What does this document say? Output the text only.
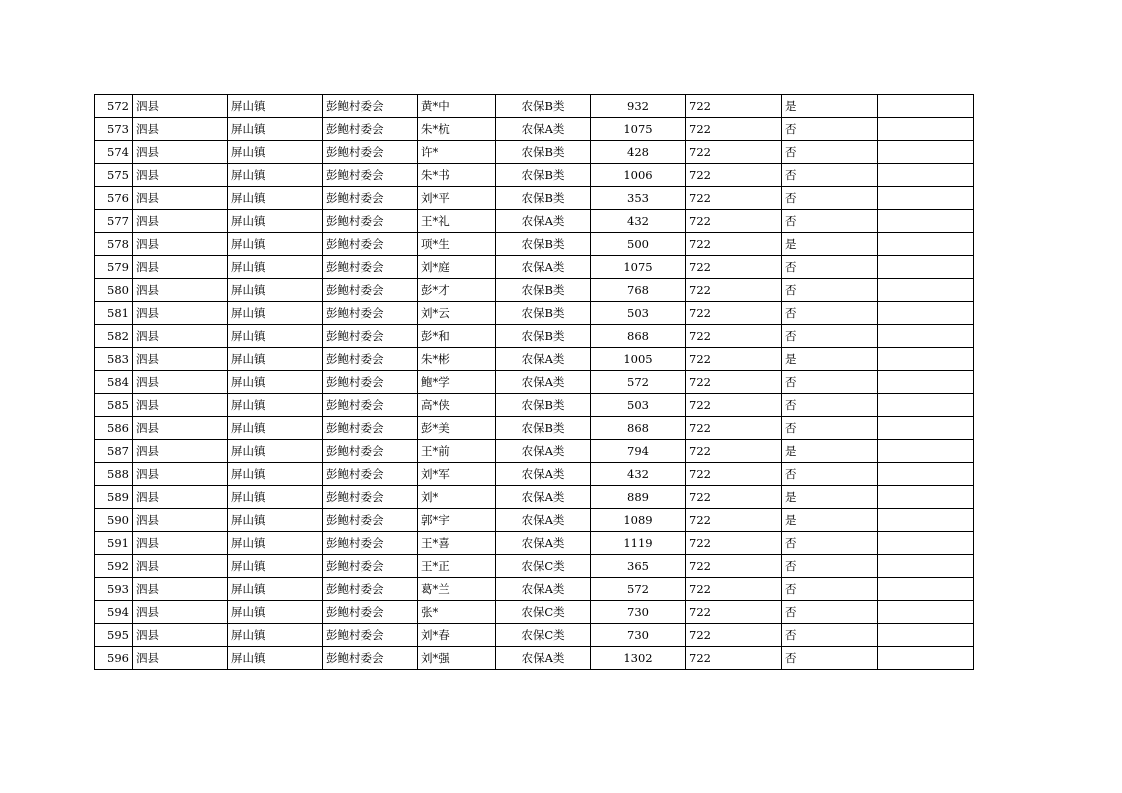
572	泗县	屏山镇	彭鲍村委会	黄*中	农保B类	932	722	是	
573	泗县	屏山镇	彭鲍村委会	朱*杭	农保A类	1075	722	否	
574	泗县	屏山镇	彭鲍村委会	许*	农保B类	428	722	否	
575	泗县	屏山镇	彭鲍村委会	朱*书	农保B类	1006	722	否	
576	泗县	屏山镇	彭鲍村委会	刘*平	农保B类	353	722	否	
577	泗县	屏山镇	彭鲍村委会	王*礼	农保A类	432	722	否	
578	泗县	屏山镇	彭鲍村委会	项*生	农保B类	500	722	是	
579	泗县	屏山镇	彭鲍村委会	刘*庭	农保A类	1075	722	否	
580	泗县	屏山镇	彭鲍村委会	彭*才	农保B类	768	722	否	
581	泗县	屏山镇	彭鲍村委会	刘*云	农保B类	503	722	否	
582	泗县	屏山镇	彭鲍村委会	彭*和	农保B类	868	722	否	
583	泗县	屏山镇	彭鲍村委会	朱*彬	农保A类	1005	722	是	
584	泗县	屏山镇	彭鲍村委会	鲍*学	农保A类	572	722	否	
585	泗县	屏山镇	彭鲍村委会	高*侠	农保B类	503	722	否	
586	泗县	屏山镇	彭鲍村委会	彭*美	农保B类	868	722	否	
587	泗县	屏山镇	彭鲍村委会	王*前	农保A类	794	722	是	
588	泗县	屏山镇	彭鲍村委会	刘*军	农保A类	432	722	否	
589	泗县	屏山镇	彭鲍村委会	刘*	农保A类	889	722	是	
590	泗县	屏山镇	彭鲍村委会	郭*宇	农保A类	1089	722	是	
591	泗县	屏山镇	彭鲍村委会	王*喜	农保A类	1119	722	否	
592	泗县	屏山镇	彭鲍村委会	王*正	农保C类	365	722	否	
593	泗县	屏山镇	彭鲍村委会	葛*兰	农保A类	572	722	否	
594	泗县	屏山镇	彭鲍村委会	张*	农保C类	730	722	否	
595	泗县	屏山镇	彭鲍村委会	刘*春	农保C类	730	722	否	
596	泗县	屏山镇	彭鲍村委会	刘*强	农保A类	1302	722	否	
